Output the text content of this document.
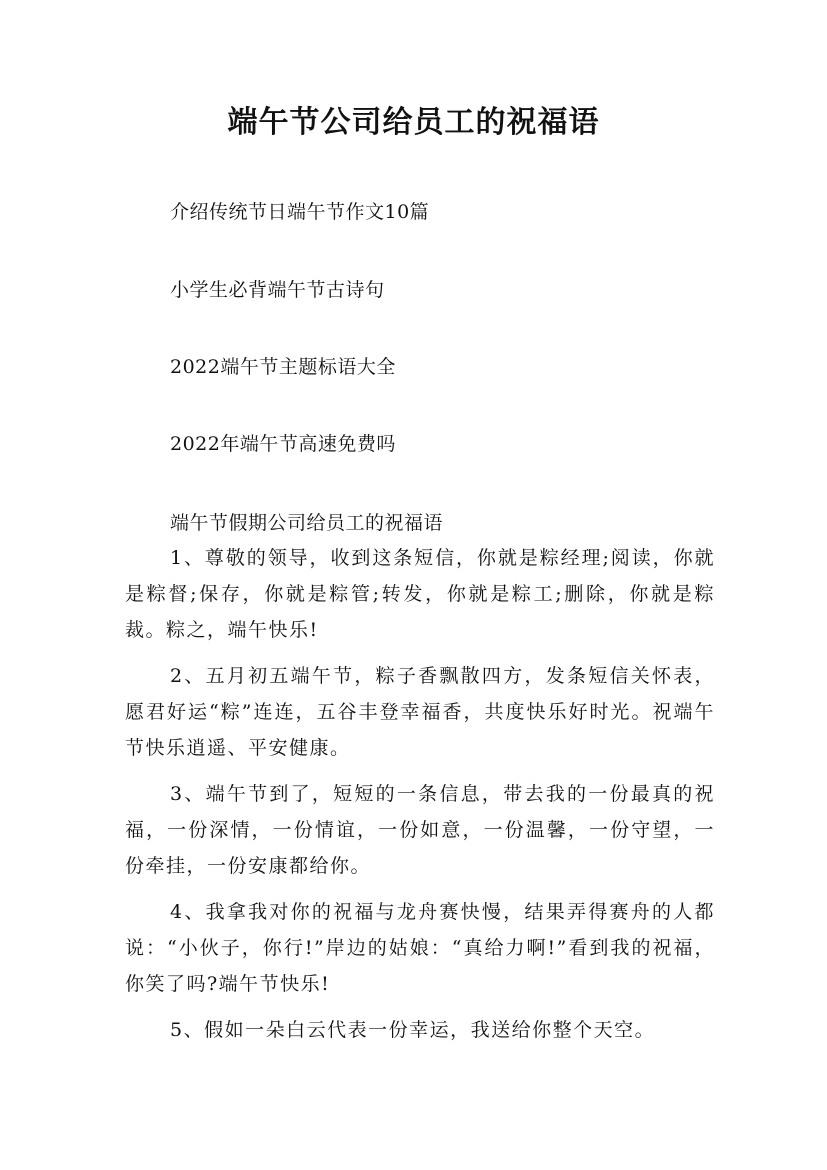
端午节公司给员工的祝福语
介绍传统节日端午节作文10篇
小学生必背端午节古诗句
2022端午节主题标语大全
2022年端午节高速免费吗
端午节假期公司给员工的祝福语
1、尊敬的领导，收到这条短信，你就是粽经理;阅读，你就是粽督;保存，你就是粽管;转发，你就是粽工;删除，你就是粽裁。粽之，端午快乐!
2、五月初五端午节，粽子香飘散四方，发条短信关怀表，愿君好运“粽”连连，五谷丰登幸福香，共度快乐好时光。祝端午节快乐逍遥、平安健康。
3、端午节到了，短短的一条信息，带去我的一份最真的祝福，一份深情，一份情谊，一份如意，一份温馨，一份守望，一份牵挂，一份安康都给你。
4、我拿我对你的祝福与龙舟赛快慢，结果弄得赛舟的人都说：“小伙子，你行!”岸边的姑娘：“真给力啊!”看到我的祝福，你笑了吗?端午节快乐!
5、假如一朵白云代表一份幸运，我送给你整个天空。
